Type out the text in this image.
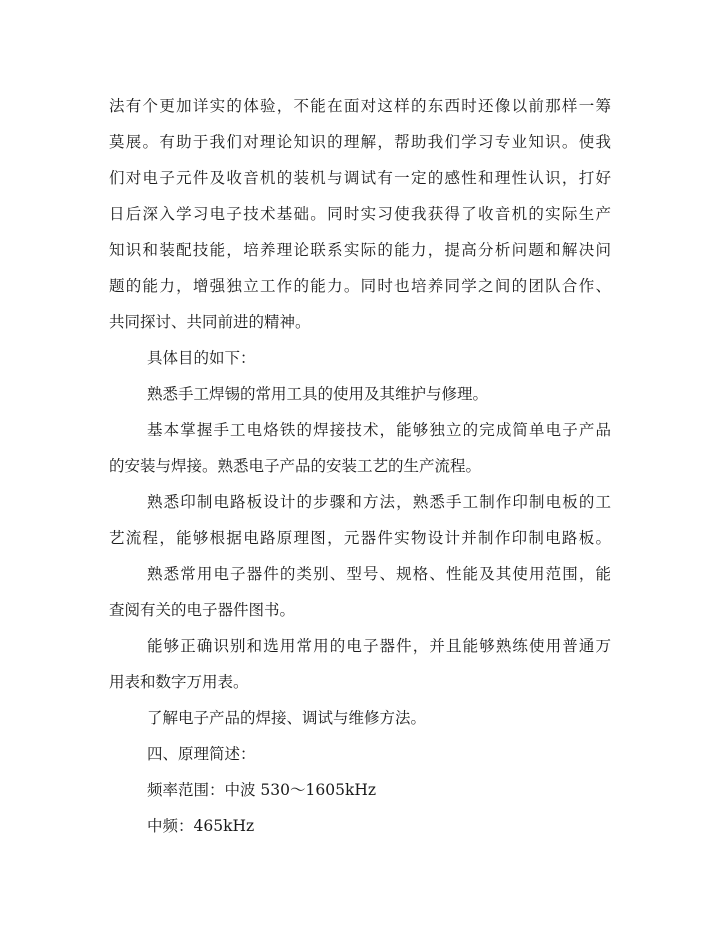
法有个更加详实的体验，不能在面对这样的东西时还像以前那样一筹
莫展。有助于我们对理论知识的理解，帮助我们学习专业知识。使我
们对电子元件及收音机的装机与调试有一定的感性和理性认识，打好
日后深入学习电子技术基础。同时实习使我获得了收音机的实际生产
知识和装配技能，培养理论联系实际的能力，提高分析问题和解决问
题的能力，增强独立工作的能力。同时也培养同学之间的团队合作、
共同探讨、共同前进的精神。
具体目的如下：
熟悉手工焊锡的常用工具的使用及其维护与修理。
基本掌握手工电烙铁的焊接技术，能够独立的完成简单电子产品
的安装与焊接。熟悉电子产品的安装工艺的生产流程。
熟悉印制电路板设计的步骤和方法，熟悉手工制作印制电板的工
艺流程，能够根据电路原理图，元器件实物设计并制作印制电路板。
熟悉常用电子器件的类别、型号、规格、性能及其使用范围，能
查阅有关的电子器件图书。
能够正确识别和选用常用的电子器件，并且能够熟练使用普通万
用表和数字万用表。
了解电子产品的焊接、调试与维修方法。
四、原理简述：
频率范围：中波 530～1605kHz
中频：465kHz
